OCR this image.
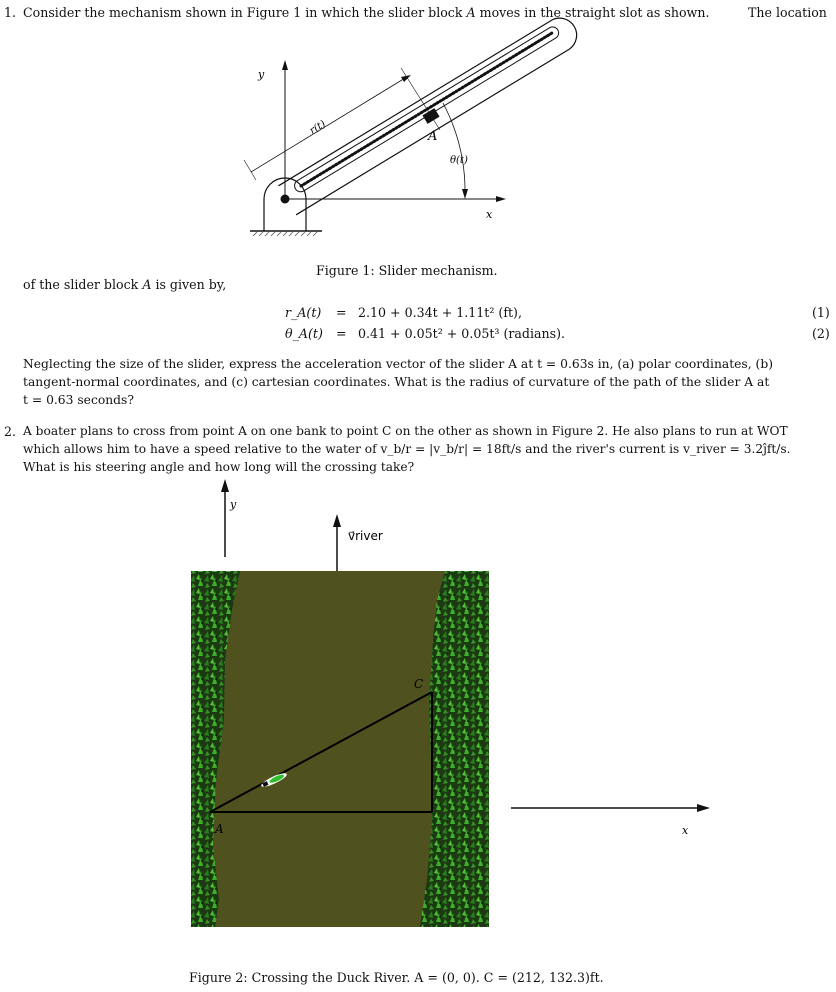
1. Consider the mechanism shown in Figure 1 in which the slider block A moves in the straight slot as shown.	The location
y
x
A
r(t)
θ(t)
Figure 1: Slider mechanism.
of the slider block A is given by,
r_A(t) = 2.10 + 0.34t + 1.11t² (ft),	(1)
θ_A(t) = 0.41 + 0.05t² + 0.05t³ (radians).	(2)
Neglecting the size of the slider, express the acceleration vector of the slider A at t = 0.63s in, (a) polar coordinates, (b)
tangent-normal coordinates, and (c) cartesian coordinates. What is the radius of curvature of the path of the slider A at
t = 0.63 seconds?
2. A boater plans to cross from point A on one bank to point C on the other as shown in Figure 2. He also plans to run at WOT
which allows him to have a speed relative to the water of v_b/r = |v_b/r| = 18ft/s and the river's current is v_river = 3.2ĵft/s.
What is his steering angle and how long will the crossing take?
y
v⃗river
C
A	x
Figure 2: Crossing the Duck River. A = (0, 0). C = (212, 132.3)ft.
